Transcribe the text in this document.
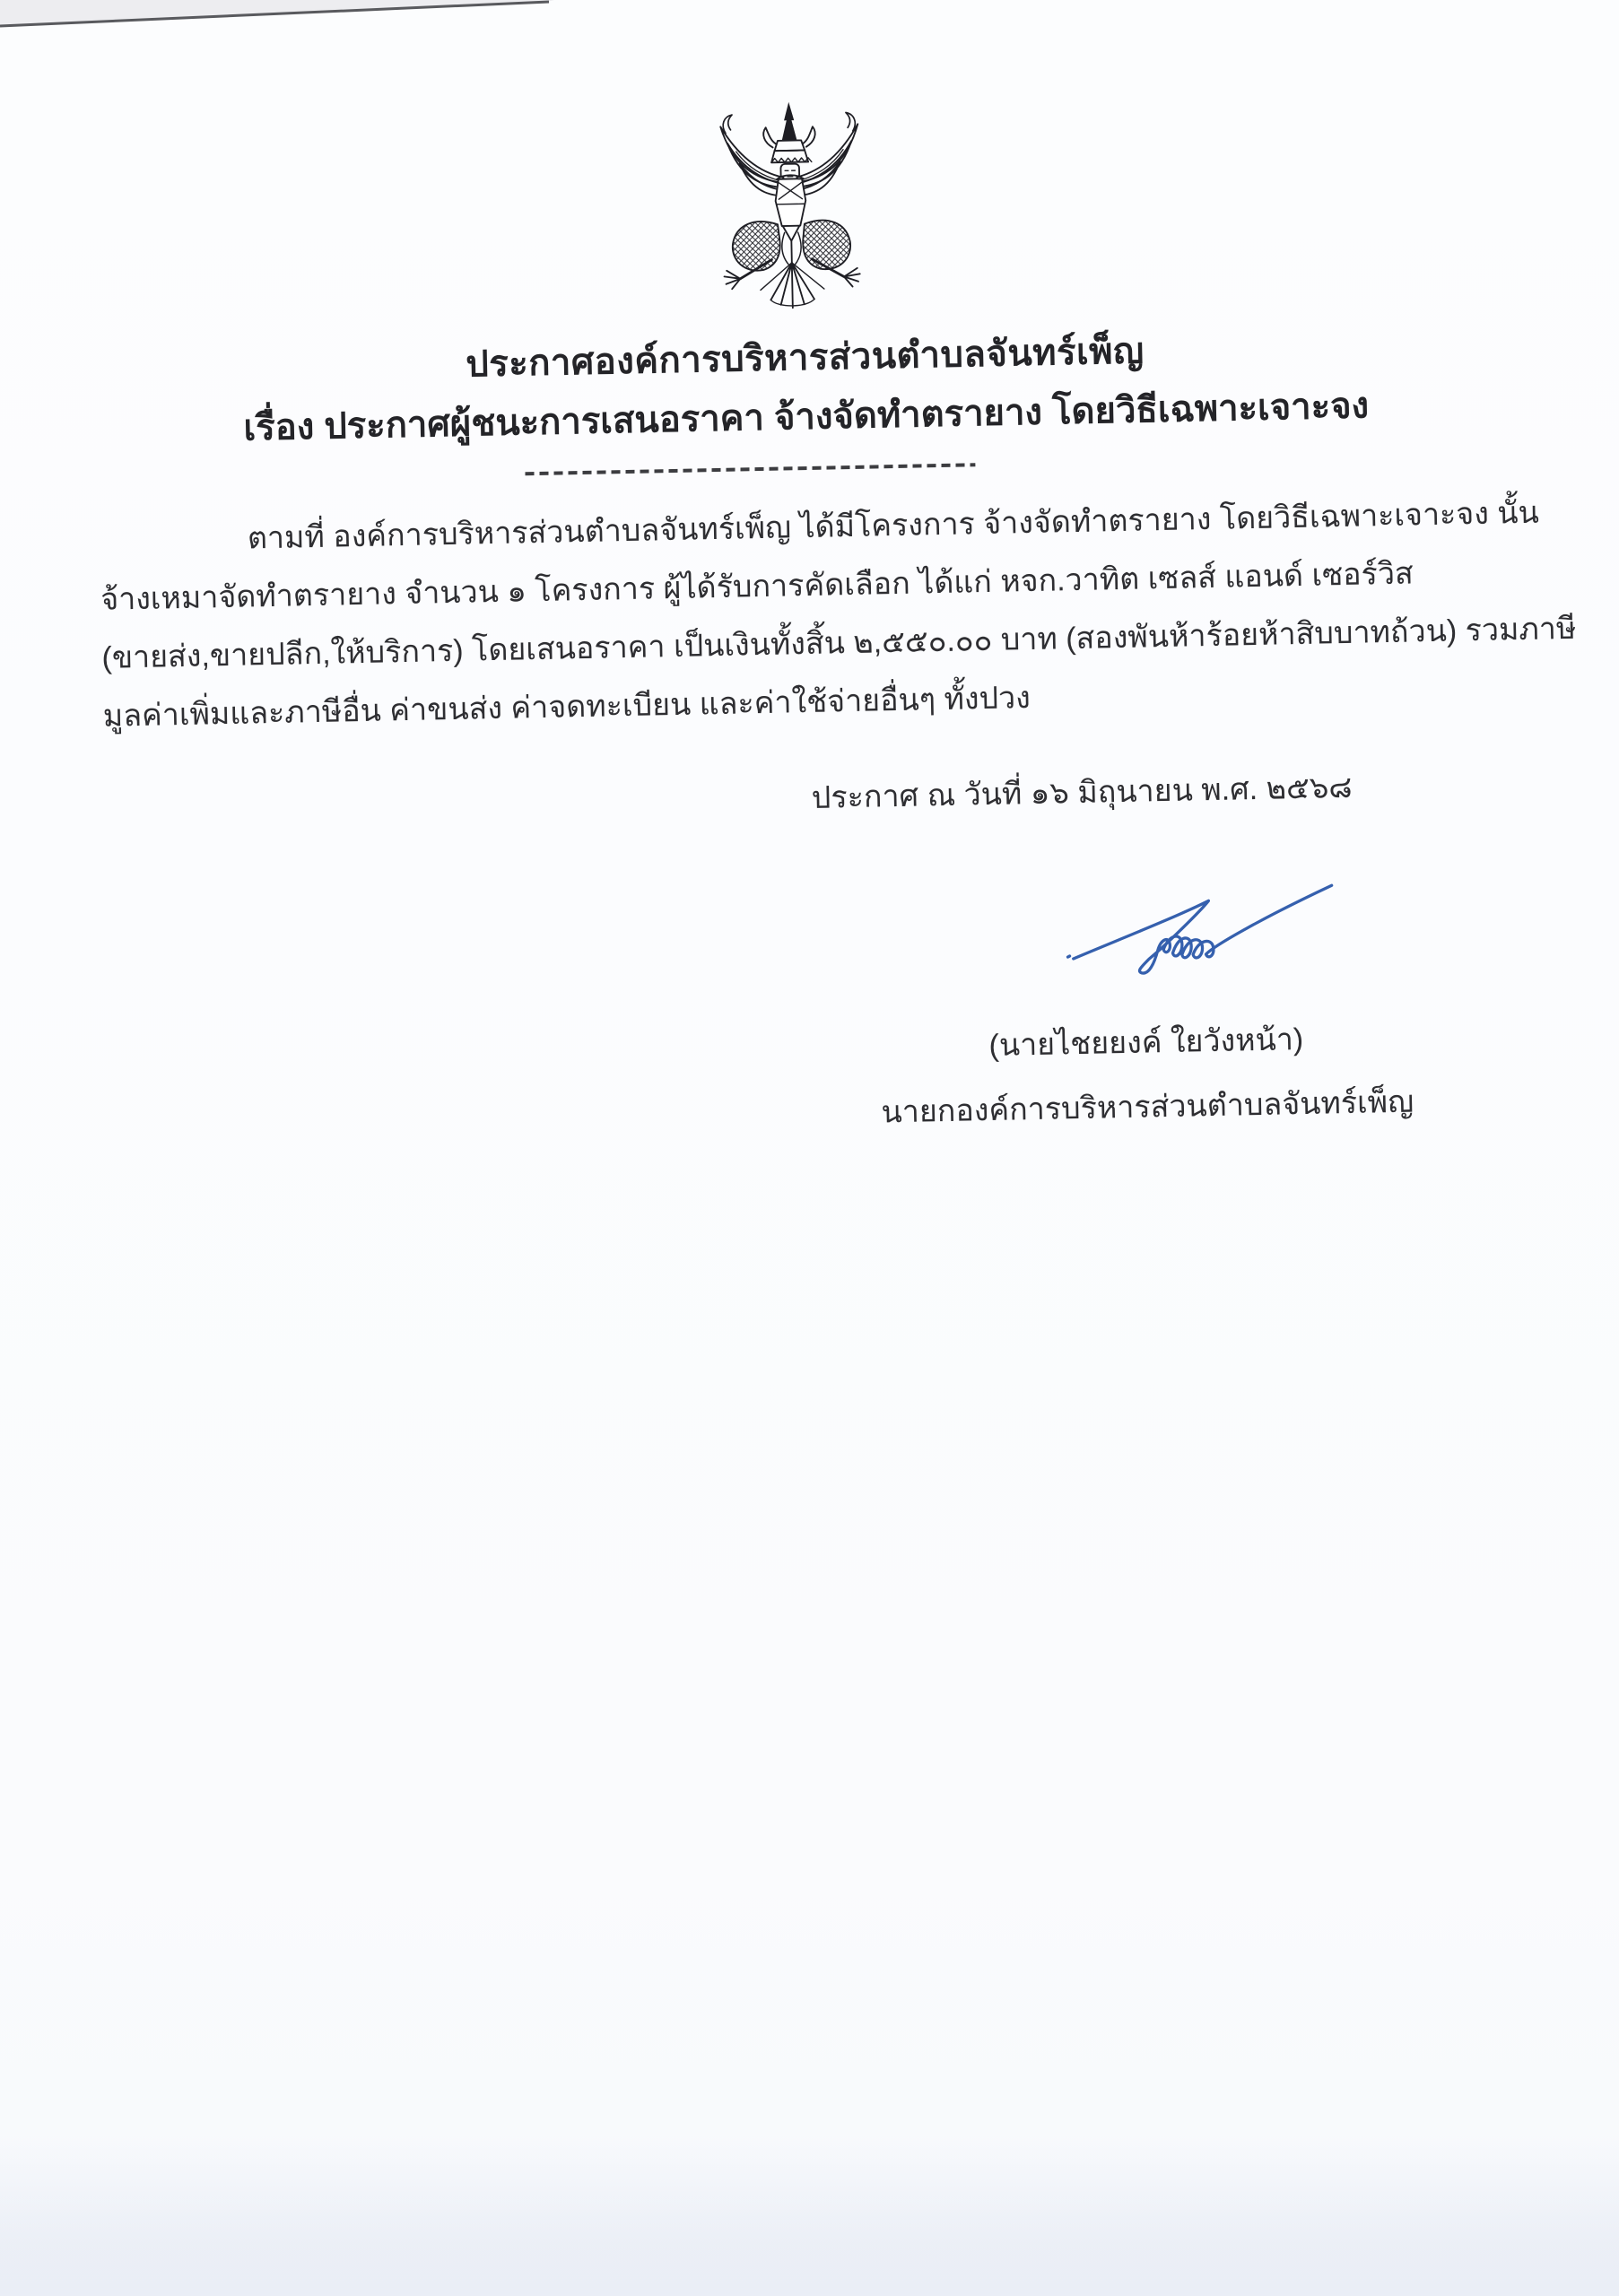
ประกาศองค์การบริหารส่วนตำบลจันทร์เพ็ญ
เรื่อง ประกาศผู้ชนะการเสนอราคา จ้างจัดทำตรายาง โดยวิธีเฉพาะเจาะจง
ตามที่ องค์การบริหารส่วนตำบลจันทร์เพ็ญ ได้มีโครงการ จ้างจัดทำตรายาง โดยวิธีเฉพาะเจาะจง นั้น
จ้างเหมาจัดทำตรายาง จำนวน ๑ โครงการ ผู้ได้รับการคัดเลือก ได้แก่ หจก.วาทิต เซลส์ แอนด์ เซอร์วิส
(ขายส่ง,ขายปลีก,ให้บริการ) โดยเสนอราคา เป็นเงินทั้งสิ้น ๒,๕๕๐.๐๐ บาท (สองพันห้าร้อยห้าสิบบาทถ้วน) รวมภาษี
มูลค่าเพิ่มและภาษีอื่น ค่าขนส่ง ค่าจดทะเบียน และค่าใช้จ่ายอื่นๆ ทั้งปวง
ประกาศ ณ วันที่ ๑๖ มิถุนายน พ.ศ. ๒๕๖๘
(นายไชยยงค์ ใยวังหน้า)
นายกองค์การบริหารส่วนตำบลจันทร์เพ็ญ
